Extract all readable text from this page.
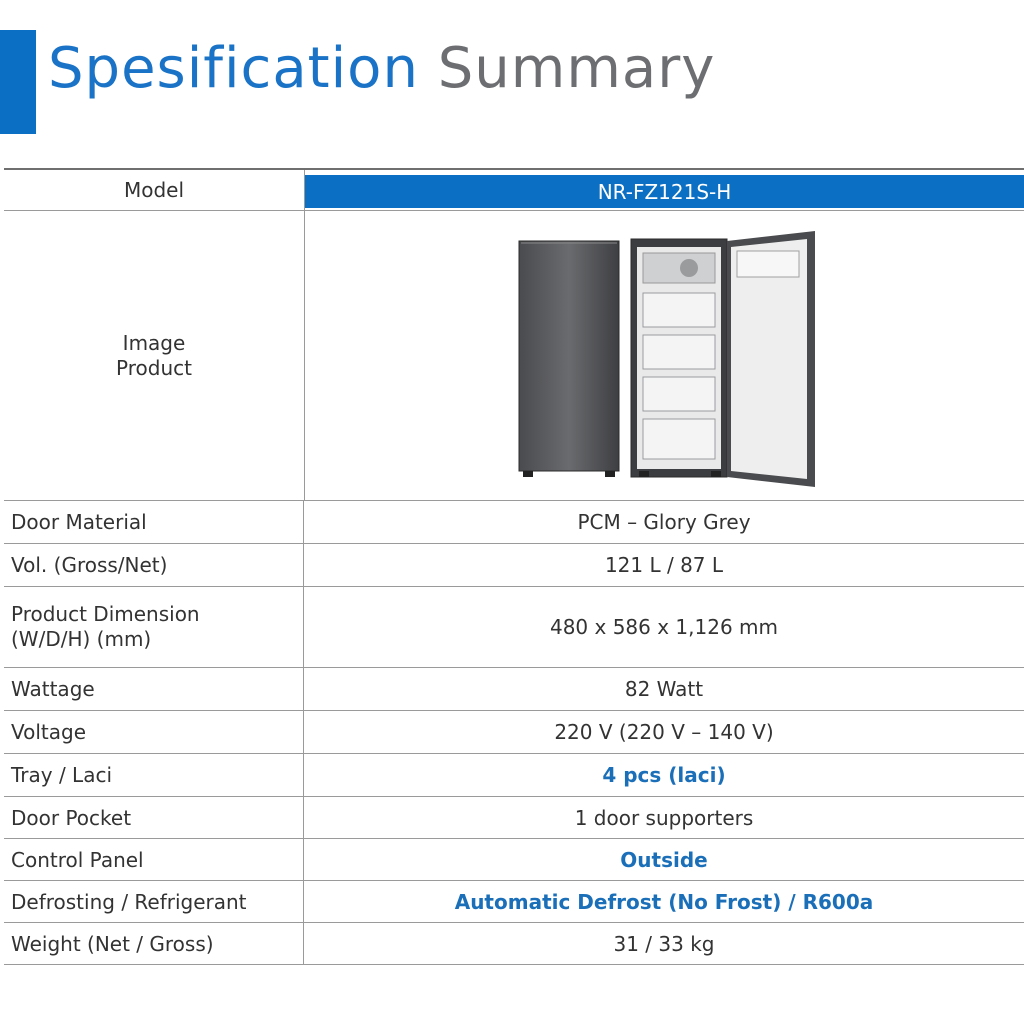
Spesification Summary
Model	NR-FZ121S-H
Image
Product
Door Material	PCM – Glory Grey
Vol. (Gross/Net)	121 L / 87 L
Product Dimension
(W/D/H) (mm)	480 x 586 x 1,126 mm
Wattage	82 Watt
Voltage	220 V (220 V – 140 V)
Tray / Laci	4 pcs (laci)
Door Pocket	1 door supporters
Control Panel	Outside
Defrosting / Refrigerant	Automatic Defrost (No Frost) / R600a
Weight (Net / Gross)	31 / 33 kg
